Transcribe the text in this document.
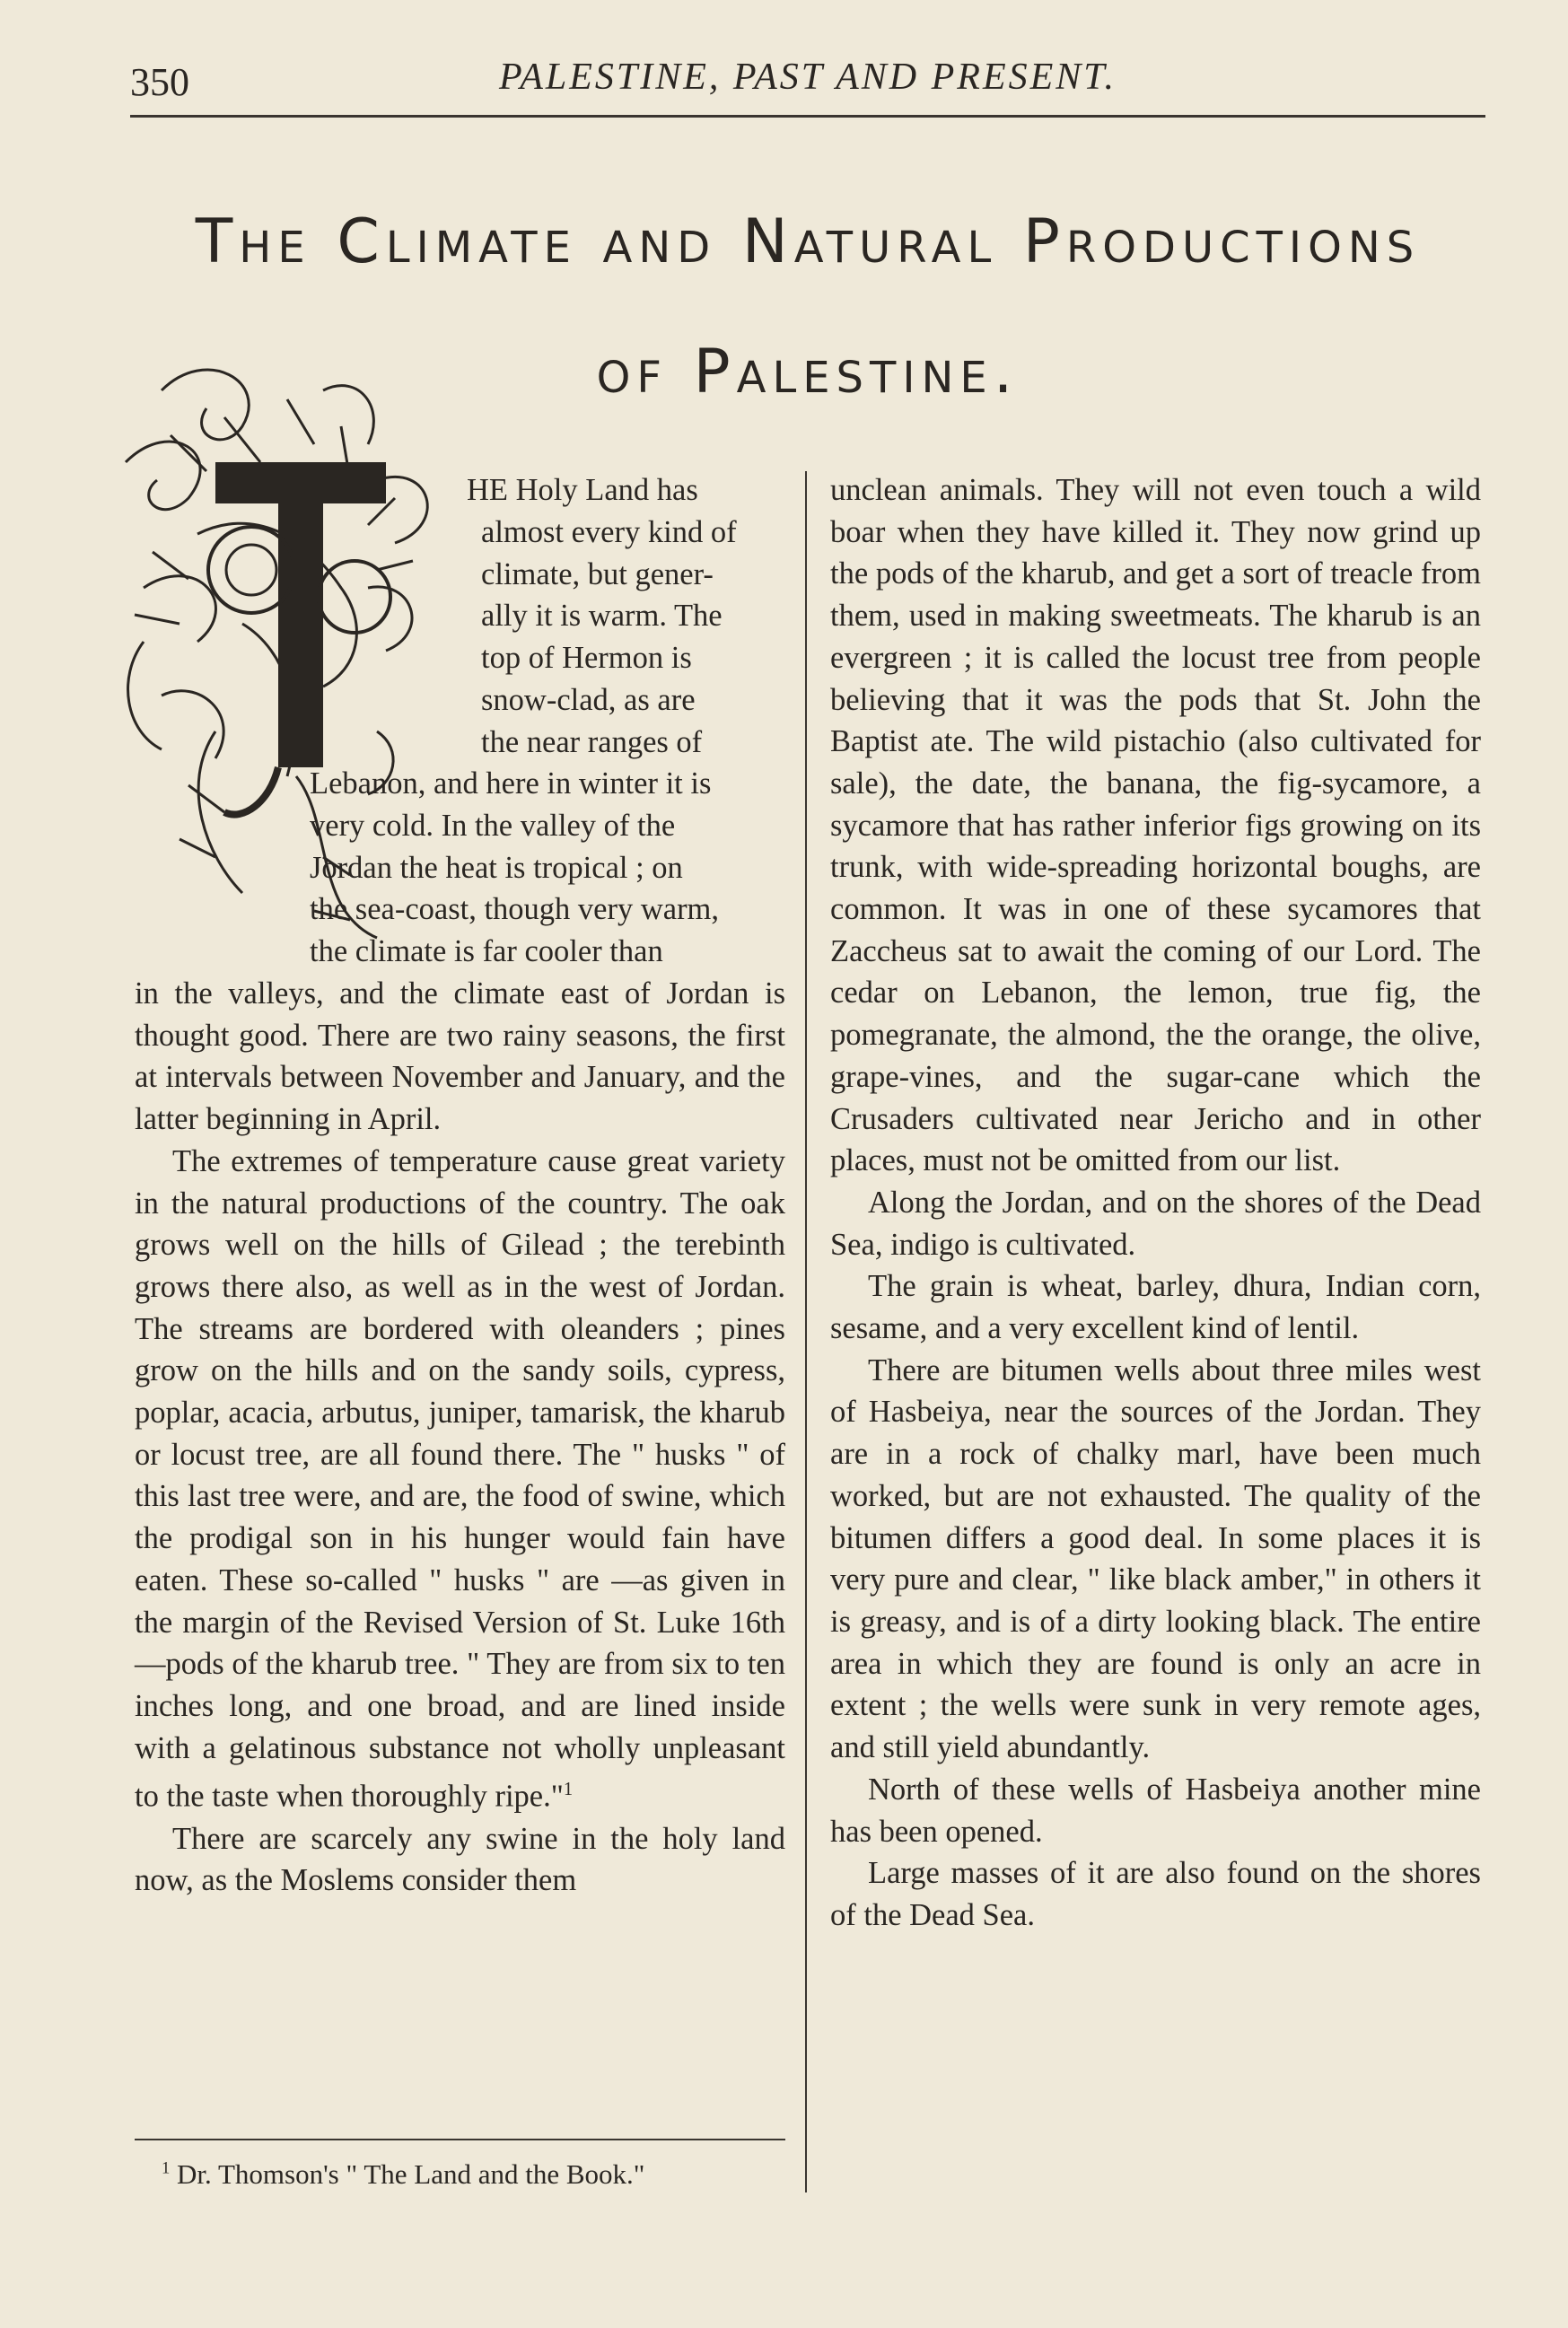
350	PALESTINE, PAST AND PRESENT.
The Climate and Natural Productions
of Palestine.
T
HE Holy Land has
almost every kind of
climate, but gener-
ally it is warm. The
top of Hermon is
snow-clad, as are
the near ranges of
Lebanon, and here in winter it is
very cold. In the valley of the
Jordan the heat is tropical ; on
the sea-coast, though very warm,
the climate is far cooler than

in the valleys, and the climate east of Jordan is thought good. There are two rainy seasons, the first at intervals between November and January, and the latter beginning in April.

The extremes of temperature cause great variety in the natural productions of the country. The oak grows well on the hills of Gilead ; the terebinth grows there also, as well as in the west of Jordan. The streams are bordered with oleanders ; pines grow on the hills and on the sandy soils, cypress, poplar, acacia, arbutus, juniper, tamarisk, the kharub or locust tree, are all found there. The " husks " of this last tree were, and are, the food of swine, which the prodigal son in his hunger would fain have eaten. These so-called " husks " are —as given in the margin of the Revised Version of St. Luke 16th—pods of the kharub tree. " They are from six to ten inches long, and one broad, and are lined inside with a gelatinous substance not wholly unpleasant to the taste when thoroughly ripe."$^1$

There are scarcely any swine in the holy land now, as the Moslems consider them

unclean animals. They will not even touch a wild boar when they have killed it. They now grind up the pods of the kharub, and get a sort of treacle from them, used in making sweetmeats. The kharub is an evergreen ; it is called the locust tree from people believing that it was the pods that St. John the Baptist ate. The wild pistachio (also cultivated for sale), the date, the banana, the fig-sycamore, a sycamore that has rather inferior figs growing on its trunk, with wide-spreading horizontal boughs, are common. It was in one of these sycamores that Zaccheus sat to await the coming of our Lord. The cedar on Lebanon, the lemon, true fig, the pomegranate, the almond, the the orange, the olive, grape-vines, and the sugar-cane which the Crusaders cultivated near Jericho and in other places, must not be omitted from our list.

Along the Jordan, and on the shores of the Dead Sea, indigo is cultivated.

The grain is wheat, barley, dhura, Indian corn, sesame, and a very excellent kind of lentil.

There are bitumen wells about three miles west of Hasbeiya, near the sources of the Jordan. They are in a rock of chalky marl, have been much worked, but are not exhausted. The quality of the bitumen differs a good deal. In some places it is very pure and clear, " like black amber," in others it is greasy, and is of a dirty looking black. The entire area in which they are found is only an acre in extent ; the wells were sunk in very remote ages, and still yield abundantly.

North of these wells of Hasbeiya another mine has been opened.

Large masses of it are also found on the shores of the Dead Sea.

$^1$ Dr. Thomson's " The Land and the Book."
